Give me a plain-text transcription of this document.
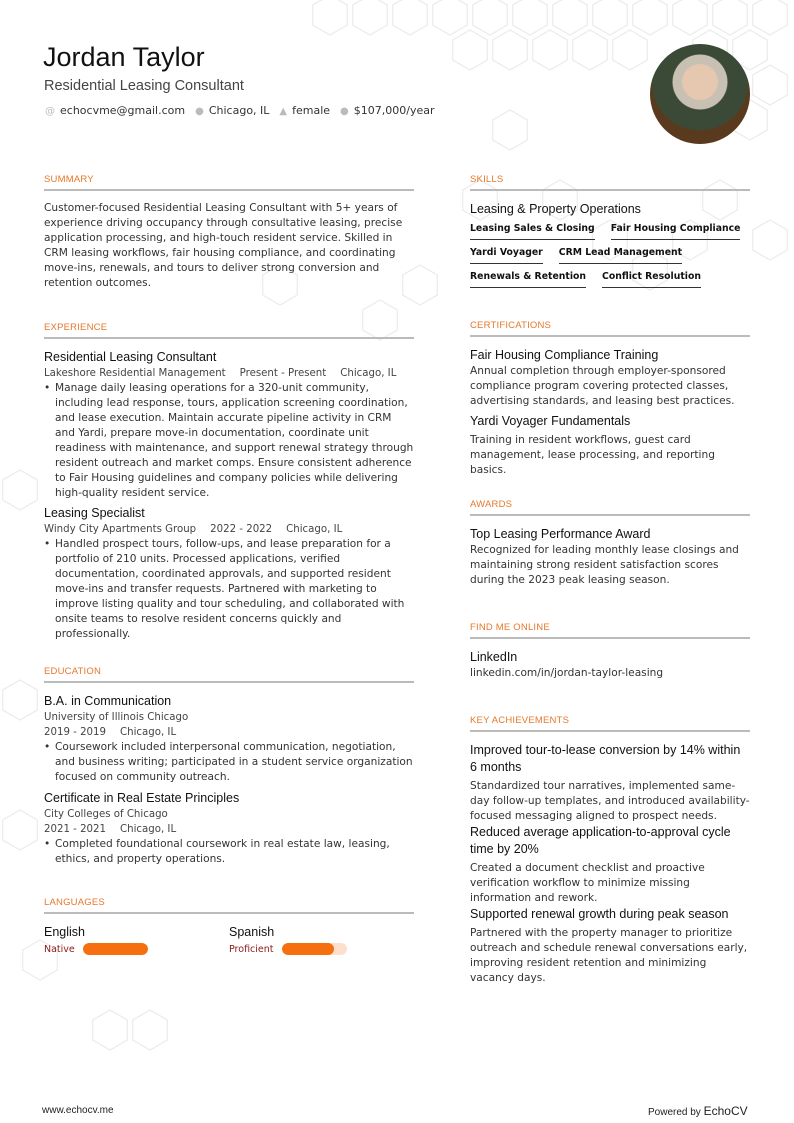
Jordan Taylor
Residential Leasing Consultant
@ echocvme@gmail.com ● Chicago, IL ▲ female ● $107,000/year
SUMMARY
Customer-focused Residential Leasing Consultant with 5+ years of experience driving occupancy through consultative leasing, precise application processing, and high-touch resident service. Skilled in CRM leasing workflows, fair housing compliance, and coordinating move-ins, renewals, and tours to deliver strong conversion and retention outcomes.
EXPERIENCE
Residential Leasing Consultant
Lakeshore Residential Management Present - Present Chicago, IL
• Manage daily leasing operations for a 320-unit community, including lead response, tours, application screening coordination, and lease execution. Maintain accurate pipeline activity in CRM and Yardi, prepare move-in documentation, coordinate unit readiness with maintenance, and support renewal strategy through resident outreach and market comps. Ensure consistent adherence to Fair Housing guidelines and company policies while delivering high-quality resident service.
Leasing Specialist
Windy City Apartments Group 2022 - 2022 Chicago, IL
• Handled prospect tours, follow-ups, and lease preparation for a portfolio of 210 units. Processed applications, verified documentation, coordinated approvals, and supported resident move-ins and transfer requests. Partnered with marketing to improve listing quality and tour scheduling, and collaborated with onsite teams to resolve resident concerns quickly and professionally.
EDUCATION
B.A. in Communication
University of Illinois Chicago
2019 - 2019 Chicago, IL
• Coursework included interpersonal communication, negotiation, and business writing; participated in a student service organization focused on community outreach.
Certificate in Real Estate Principles
City Colleges of Chicago
2021 - 2021 Chicago, IL
• Completed foundational coursework in real estate law, leasing, ethics, and property operations.
LANGUAGES
English
Native
Spanish
Proficient
SKILLS
Leasing & Property Operations
Leasing Sales & Closing Fair Housing Compliance
Yardi Voyager CRM Lead Management
Renewals & Retention Conflict Resolution
CERTIFICATIONS
Fair Housing Compliance Training
Annual completion through employer-sponsored compliance program covering protected classes, advertising standards, and leasing best practices.
Yardi Voyager Fundamentals
Training in resident workflows, guest card management, lease processing, and reporting basics.
AWARDS
Top Leasing Performance Award
Recognized for leading monthly lease closings and maintaining strong resident satisfaction scores during the 2023 peak leasing season.
FIND ME ONLINE
LinkedIn
linkedin.com/in/jordan-taylor-leasing
KEY ACHIEVEMENTS
Improved tour-to-lease conversion by 14% within 6 months
Standardized tour narratives, implemented same-day follow-up templates, and introduced availability-focused messaging aligned to prospect needs.
Reduced average application-to-approval cycle time by 20%
Created a document checklist and proactive verification workflow to minimize missing information and rework.
Supported renewal growth during peak season
Partnered with the property manager to prioritize outreach and schedule renewal conversations early, improving resident retention and minimizing vacancy days.
www.echocv.me	Powered by EchoCV
